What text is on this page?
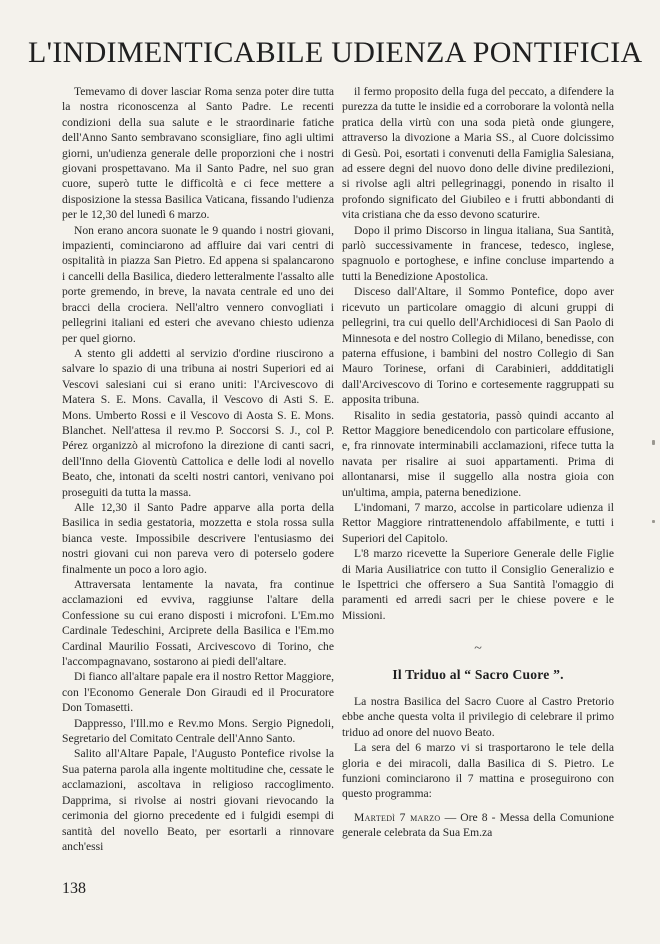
L'INDIMENTICABILE UDIENZA PONTIFICIA

Temevamo di dover lasciar Roma senza poter dire tutta la nostra riconoscenza al Santo Padre. Le recenti condizioni della sua salute e le straordinarie fatiche dell'Anno Santo sembravano sconsigliare, fino agli ultimi giorni, un'udienza generale delle proporzioni che i nostri giovani prospettavano. Ma il Santo Padre, nel suo gran cuore, superò tutte le difficoltà e ci fece mettere a disposizione la stessa Basilica Vaticana, fissando l'udienza per le 12,30 del lunedì 6 marzo.

Non erano ancora suonate le 9 quando i nostri giovani, impazienti, cominciarono ad affluire dai vari centri di ospitalità in piazza San Pietro. Ed appena si spalancarono i cancelli della Basilica, diedero letteralmente l'assalto alle porte gremendo, in breve, la navata centrale ed uno dei bracci della crociera. Nell'altro vennero convogliati i pellegrini italiani ed esteri che avevano chiesto udienza per quel giorno.

A stento gli addetti al servizio d'ordine riuscirono a salvare lo spazio di una tribuna ai nostri Superiori ed ai Vescovi salesiani cui si erano uniti: l'Arcivescovo di Matera S. E. Mons. Cavalla, il Vescovo di Asti S. E. Mons. Umberto Rossi e il Vescovo di Aosta S. E. Mons. Blanchet. Nell'attesa il rev.mo P. Soccorsi S. J., col P. Pérez organizzò al microfono la direzione di canti sacri, dell'Inno della Gioventù Cattolica e delle lodi al novello Beato, che, intonati da scelti nostri cantori, venivano poi proseguiti da tutta la massa.

Alle 12,30 il Santo Padre apparve alla porta della Basilica in sedia gestatoria, mozzetta e stola rossa sulla bianca veste. Impossibile descrivere l'entusiasmo dei nostri giovani cui non pareva vero di poterselo godere finalmente un poco a loro agio.

Attraversata lentamente la navata, fra continue acclamazioni ed evviva, raggiunse l'altare della Confessione su cui erano disposti i microfoni. L'Em.mo Cardinale Tedeschini, Arciprete della Basilica e l'Em.mo Cardinal Maurilio Fossati, Arcivescovo di Torino, che l'accompagnavano, sostarono ai piedi dell'altare.

Di fianco all'altare papale era il nostro Rettor Maggiore, con l'Economo Generale Don Giraudi ed il Procuratore Don Tomasetti.

Dappresso, l'Ill.mo e Rev.mo Mons. Sergio Pignedoli, Segretario del Comitato Centrale dell'Anno Santo.

Salito all'Altare Papale, l'Augusto Pontefice rivolse la Sua paterna parola alla ingente moltitudine che, cessate le acclamazioni, ascoltava in religioso raccoglimento. Dapprima, si rivolse ai nostri giovani rievocando la cerimonia del giorno precedente ed i fulgidi esempi di santità del novello Beato, per esortarli a rinnovare anch'essi

il fermo proposito della fuga del peccato, a difendere la purezza da tutte le insidie ed a corroborare la volontà nella pratica della virtù con una soda pietà onde giungere, attraverso la divozione a Maria SS., al Cuore dolcissimo di Gesù. Poi, esortati i convenuti della Famiglia Salesiana, ad essere degni del nuovo dono delle divine predilezioni, si rivolse agli altri pellegrinaggi, ponendo in risalto il profondo significato del Giubileo e i frutti abbondanti di vita cristiana che da esso devono scaturire.

Dopo il primo Discorso in lingua italiana, Sua Santità, parlò successivamente in francese, tedesco, inglese, spagnuolo e portoghese, e infine concluse impartendo a tutti la Benedizione Apostolica.

Disceso dall'Altare, il Sommo Pontefice, dopo aver ricevuto un particolare omaggio di alcuni gruppi di pellegrini, tra cui quello dell'Archidiocesi di San Paolo di Minnesota e del nostro Collegio di Milano, benedisse, con paterna effusione, i bambini del nostro Collegio di San Mauro Torinese, orfani di Carabinieri, addditatigli dall'Arcivescovo di Torino e cortesemente raggruppati su apposita tribuna.

Risalito in sedia gestatoria, passò quindi accanto al Rettor Maggiore benedicendolo con particolare effusione, e, fra rinnovate interminabili acclamazioni, rifece tutta la navata per risalire ai suoi appartamenti. Prima di allontanarsi, mise il suggello alla nostra gioia con un'ultima, ampia, paterna benedizione.

L'indomani, 7 marzo, accolse in particolare udienza il Rettor Maggiore rintrattenendolo affabilmente, e tutti i Superiori del Capitolo.

L'8 marzo ricevette la Superiore Generale delle Figlie di Maria Ausiliatrice con tutto il Consiglio Generalizio e le Ispettrici che offersero a Sua Santità l'omaggio di paramenti ed arredi sacri per le chiese povere e le Missioni.

~
Il Triduo al “ Sacro Cuore ”.

La nostra Basilica del Sacro Cuore al Castro Pretorio ebbe anche questa volta il privilegio di celebrare il primo triduo ad onore del nuovo Beato.

La sera del 6 marzo vi si trasportarono le tele della gloria e dei miracoli, dalla Basilica di S. Pietro. Le funzioni cominciarono il 7 mattina e proseguirono con questo programma:

Martedì 7 marzo — Ore 8 - Messa della Comunione generale celebrata da Sua Em.za

138
